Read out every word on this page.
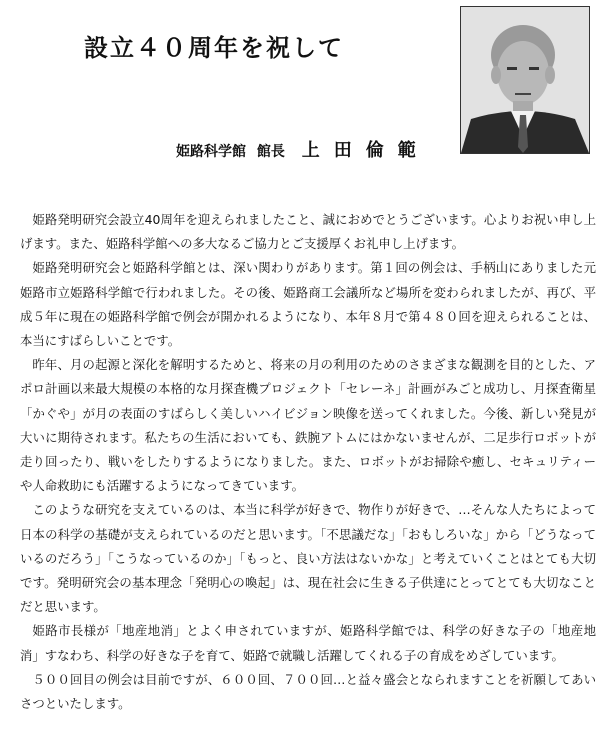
設立４０周年を祝して
姫路科学館 館長 上田倫範

姫路発明研究会設立40周年を迎えられましたこと、誠におめでとうございます。心よりお祝い申し上げます。また、姫路科学館への多大なるご協力とご支援厚くお礼申し上げます。

姫路発明研究会と姫路科学館とは、深い関わりがあります。第１回の例会は、手柄山にありました元姫路市立姫路科学館で行われました。その後、姫路商工会議所など場所を変わられましたが、再び、平成５年に現在の姫路科学館で例会が開かれるようになり、本年８月で第４８０回を迎えられることは、本当にすばらしいことです。

昨年、月の起源と深化を解明するためと、将来の月の利用のためのさまざまな観測を目的とした、アポロ計画以来最大規模の本格的な月探査機プロジェクト「セレーネ」計画がみごと成功し、月探査衛星「かぐや」が月の表面のすばらしく美しいハイビジョン映像を送ってくれました。今後、新しい発見が大いに期待されます。私たちの生活においても、鉄腕アトムにはかないませんが、二足歩行ロボットが走り回ったり、戦いをしたりするようになりました。また、ロボットがお掃除や癒し、セキュリティーや人命救助にも活躍するようになってきています。

このような研究を支えているのは、本当に科学が好きで、物作りが好きで、…そんな人たちによって日本の科学の基礎が支えられているのだと思います。「不思議だな」「おもしろいな」から「どうなっているのだろう」「こうなっているのか」「もっと、良い方法はないかな」と考えていくことはとても大切です。発明研究会の基本理念「発明心の喚起」は、現在社会に生きる子供達にとってとても大切なことだと思います。

姫路市長様が「地産地消」とよく申されていますが、姫路科学館では、科学の好きな子の「地産地消」すなわち、科学の好きな子を育て、姫路で就職し活躍してくれる子の育成をめざしています。

５００回目の例会は目前ですが、６００回、７００回…と益々盛会となられますことを祈願してあいさつといたします。
